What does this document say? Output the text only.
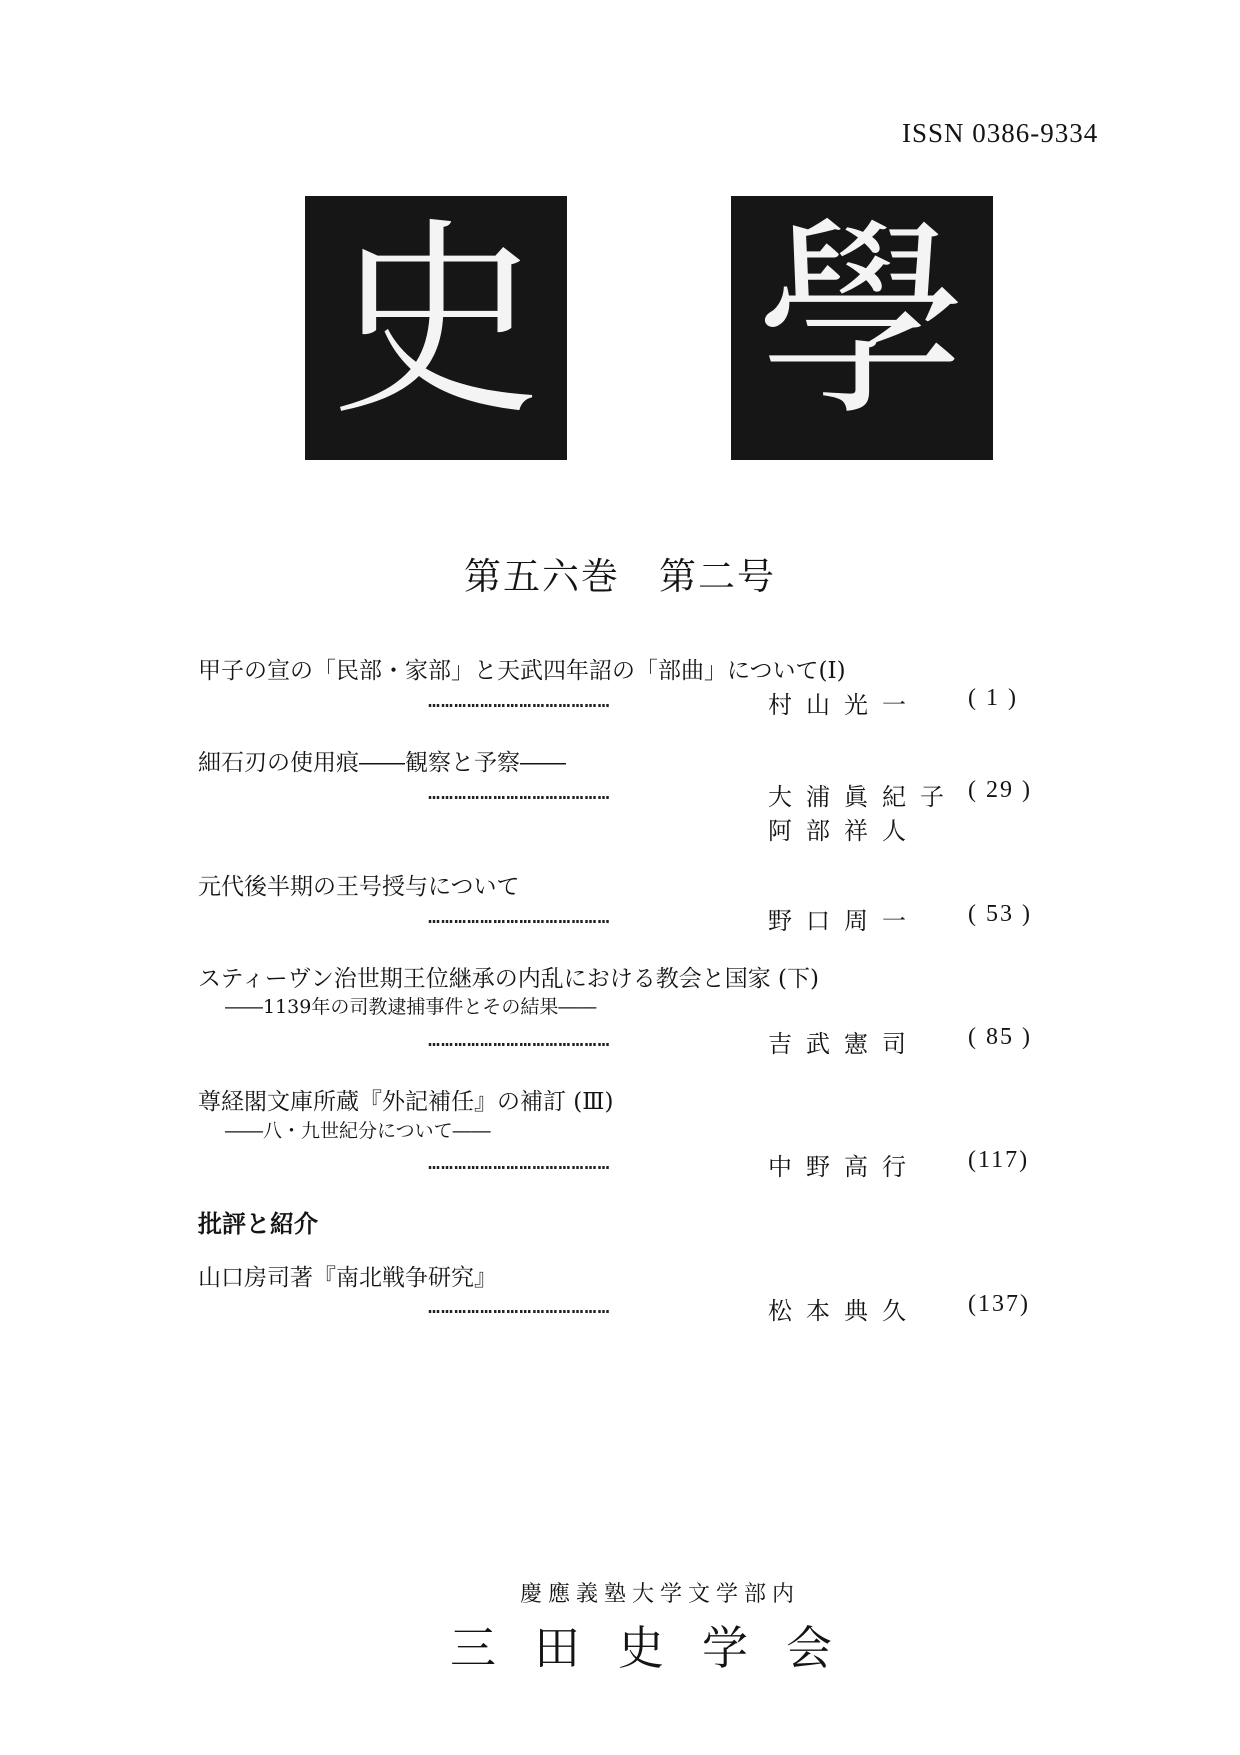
ISSN 0386-9334
史 學
第五六巻　第二号
甲子の宣の「民部・家部」と天武四年詔の「部曲」について(Ⅰ)
……………………………………	村山光一 ( 1 )
細石刃の使用痕――観察と予察――
……………………………………	大浦眞紀子 ( 29 )
阿部祥人
元代後半期の王号授与について
……………………………………	野口周一 ( 53 )
スティーヴン治世期王位継承の内乱における教会と国家 (下)
――1139年の司教逮捕事件とその結果――
……………………………………	吉武憲司 ( 85 )
尊経閣文庫所蔵『外記補任』の補訂 (Ⅲ)
――八・九世紀分について――
……………………………………	中野高行 (117)
批評と紹介
山口房司著『南北戦争研究』
……………………………………	松本典久 (137)
慶應義塾大学文学部内
三田史学会
